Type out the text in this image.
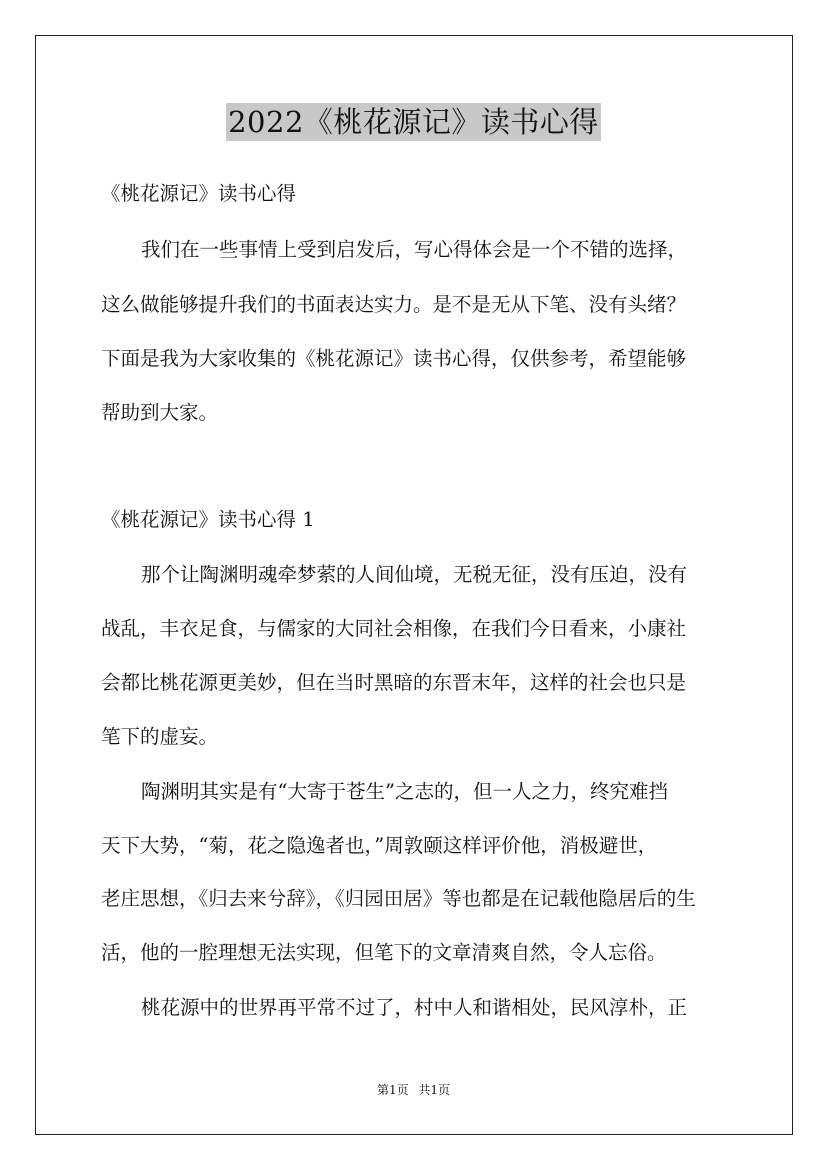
2022《桃花源记》读书心得
《桃花源记》读书心得
我们在一些事情上受到启发后，写心得体会是一个不错的选择，
这么做能够提升我们的书面表达实力。是不是无从下笔、没有头绪？
下面是我为大家收集的《桃花源记》读书心得，仅供参考，希望能够
帮助到大家。
《桃花源记》读书心得 1
那个让陶渊明魂牵梦萦的人间仙境，无税无征，没有压迫，没有
战乱，丰衣足食，与儒家的大同社会相像，在我们今日看来，小康社
会都比桃花源更美妙，但在当时黑暗的东晋末年，这样的社会也只是
笔下的虚妄。
陶渊明其实是有“大寄于苍生”之志的，但一人之力，终究难挡
天下大势，“菊，花之隐逸者也，”周敦颐这样评价他，消极避世，
老庄思想，《归去来兮辞》，《归园田居》等也都是在记载他隐居后的生
活，他的一腔理想无法实现，但笔下的文章清爽自然，令人忘俗。
桃花源中的世界再平常不过了，村中人和谐相处，民风淳朴，正
第1页 共1页
